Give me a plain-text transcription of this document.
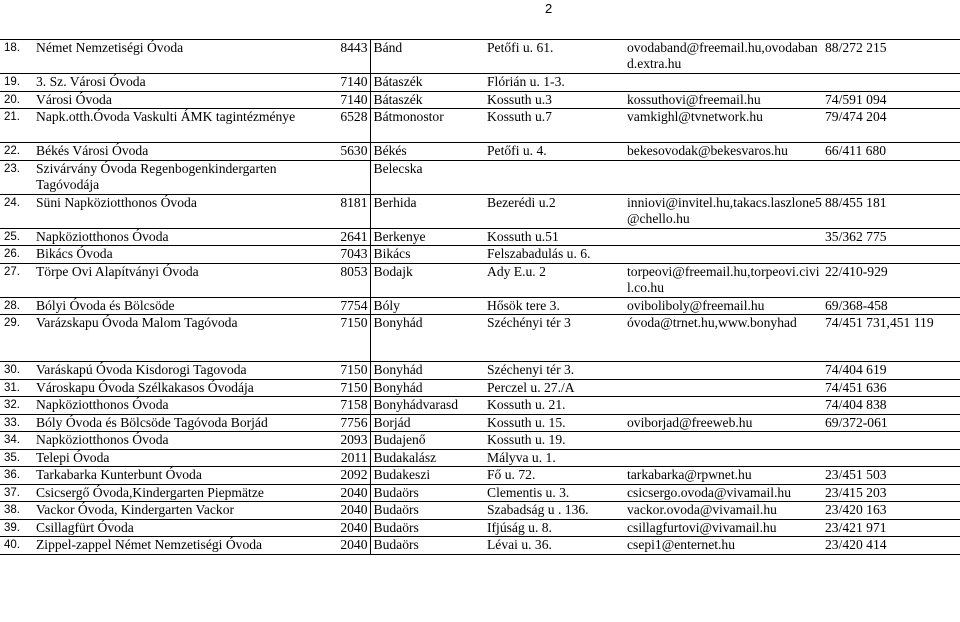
2
18.	Német Nemzetiségi Óvoda	8443	Bánd	Petőfi u. 61.	ovodaband@freemail.hu,ovodaband.extra.hu	88/272 215
19.	3. Sz. Városi Óvoda	7140	Bátaszék	Flórián u. 1-3.		
20.	Városi Óvoda	7140	Bátaszék	Kossuth u.3	kossuthovi@freemail.hu	74/591 094
21.	Napk.otth.Óvoda Vaskulti ÁMK tagintézménye	6528	Bátmonostor	Kossuth u.7	vamkighl@tvnetwork.hu	79/474 204
22.	Békés Városi Óvoda	5630	Békés	Petőfi u. 4.	bekesovodak@bekesvaros.hu	66/411 680
23.	Szivárvány Óvoda Regenbogenkindergarten Tagóvodája		Belecska			
24.	Süni Napköziotthonos Óvoda	8181	Berhida	Bezerédi u.2	inniovi@invitel.hu,takacs.laszlone5@chello.hu	88/455 181
25.	Napköziotthonos Óvoda	2641	Berkenye	Kossuth u.51		35/362 775
26.	Bikács Óvoda	7043	Bikács	Felszabadulás u. 6.		
27.	Törpe Ovi Alapítványi Óvoda	8053	Bodajk	Ady E.u. 2	torpeovi@freemail.hu,torpeovi.civil.co.hu	22/410-929
28.	Bólyi Óvoda és Bölcsöde	7754	Bóly	Hősök tere 3.	oviboliboly@freemail.hu	69/368-458
29.	Varázskapu Óvoda Malom Tagóvoda	7150	Bonyhád	Széchényi tér 3	óvoda@trnet.hu,www.bonyhad	74/451 731,451 119
30.	Varáskapú Óvoda Kisdorogi Tagovoda	7150	Bonyhád	Széchenyi tér 3.		74/404 619
31.	Városkapu Óvoda Szélkakasos Óvodája	7150	Bonyhád	Perczel u. 27./A		74/451 636
32.	Napköziotthonos Óvoda	7158	Bonyhádvarasd	Kossuth u. 21.		74/404 838
33.	Bóly Óvoda és Bölcsöde Tagóvoda Borjád	7756	Borjád	Kossuth u. 15.	oviborjad@freeweb.hu	69/372-061
34.	Napköziotthonos Óvoda	2093	Budajenő	Kossuth u. 19.		
35.	Telepi Óvoda	2011	Budakalász	Mályva u. 1.		
36.	Tarkabarka Kunterbunt Óvoda	2092	Budakeszi	Fő u. 72.	tarkabarka@rpwnet.hu	23/451 503
37.	Csicsergő Óvoda,Kindergarten Piepmätze	2040	Budaörs	Clementis u. 3.	csicsergo.ovoda@vivamail.hu	23/415 203
38.	Vackor Óvoda, Kindergarten Vackor	2040	Budaörs	Szabadság u . 136.	vackor.ovoda@vivamail.hu	23/420 163
39.	Csillagfürt Óvoda	2040	Budaörs	Ifjúság u. 8.	csillagfurtovi@vivamail.hu	23/421 971
40.	Zippel-zappel Német Nemzetiségi Óvoda	2040	Budaörs	Lévai u. 36.	csepi1@enternet.hu	23/420 414
